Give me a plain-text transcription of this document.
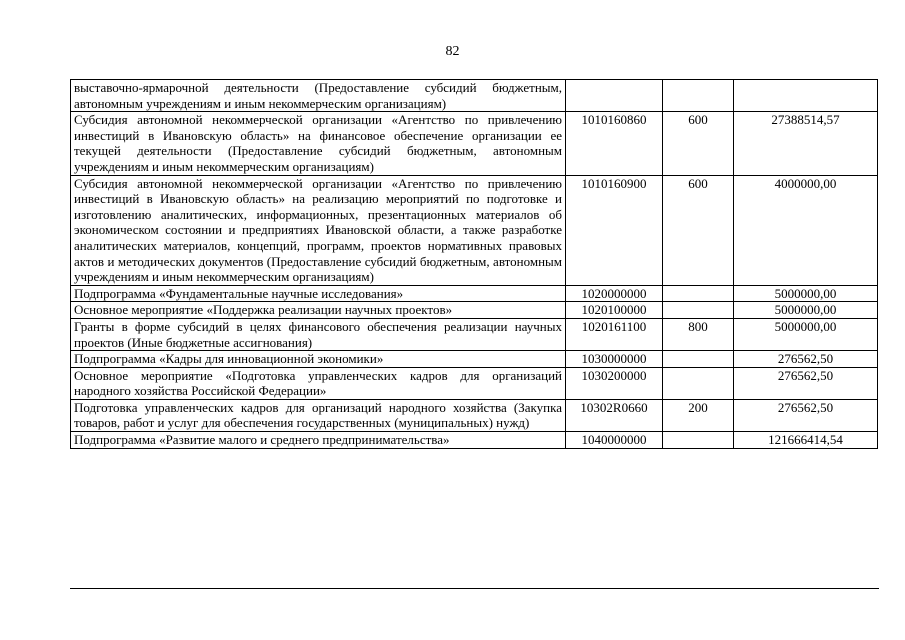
82
выставочно-ярмарочной деятельности (Предоставление субсидий бюджетным, автономным учреждениям и иным некоммерческим организациям)			
Субсидия автономной некоммерческой организации «Агентство по привлечению инвестиций в Ивановскую область» на финансовое обеспечение организации ее текущей деятельности (Предоставление субсидий бюджетным, автономным учреждениям и иным некоммерческим организациям)	1010160860	600	27388514,57
Субсидия автономной некоммерческой организации «Агентство по привлечению инвестиций в Ивановскую область» на реализацию мероприятий по подготовке и изготовлению аналитических, информационных, презентационных материалов об экономическом состоянии и предприятиях Ивановской области, а также разработке аналитических материалов, концепций, программ, проектов нормативных правовых актов и методических документов (Предоставление субсидий бюджетным, автономным учреждениям и иным некоммерческим организациям)	1010160900	600	4000000,00
Подпрограмма «Фундаментальные научные исследования»	1020000000		5000000,00
Основное мероприятие «Поддержка реализации научных проектов»	1020100000		5000000,00
Гранты в форме субсидий в целях финансового обеспечения реализации научных проектов (Иные бюджетные ассигнования)	1020161100	800	5000000,00
Подпрограмма «Кадры для инновационной экономики»	1030000000		276562,50
Основное мероприятие «Подготовка управленческих кадров для организаций народного хозяйства Российской Федерации»	1030200000		276562,50
Подготовка управленческих кадров для организаций народного хозяйства (Закупка товаров, работ и услуг для обеспечения государственных (муниципальных) нужд)	10302R0660	200	276562,50
Подпрограмма «Развитие малого и среднего предпринимательства»	1040000000		121666414,54
